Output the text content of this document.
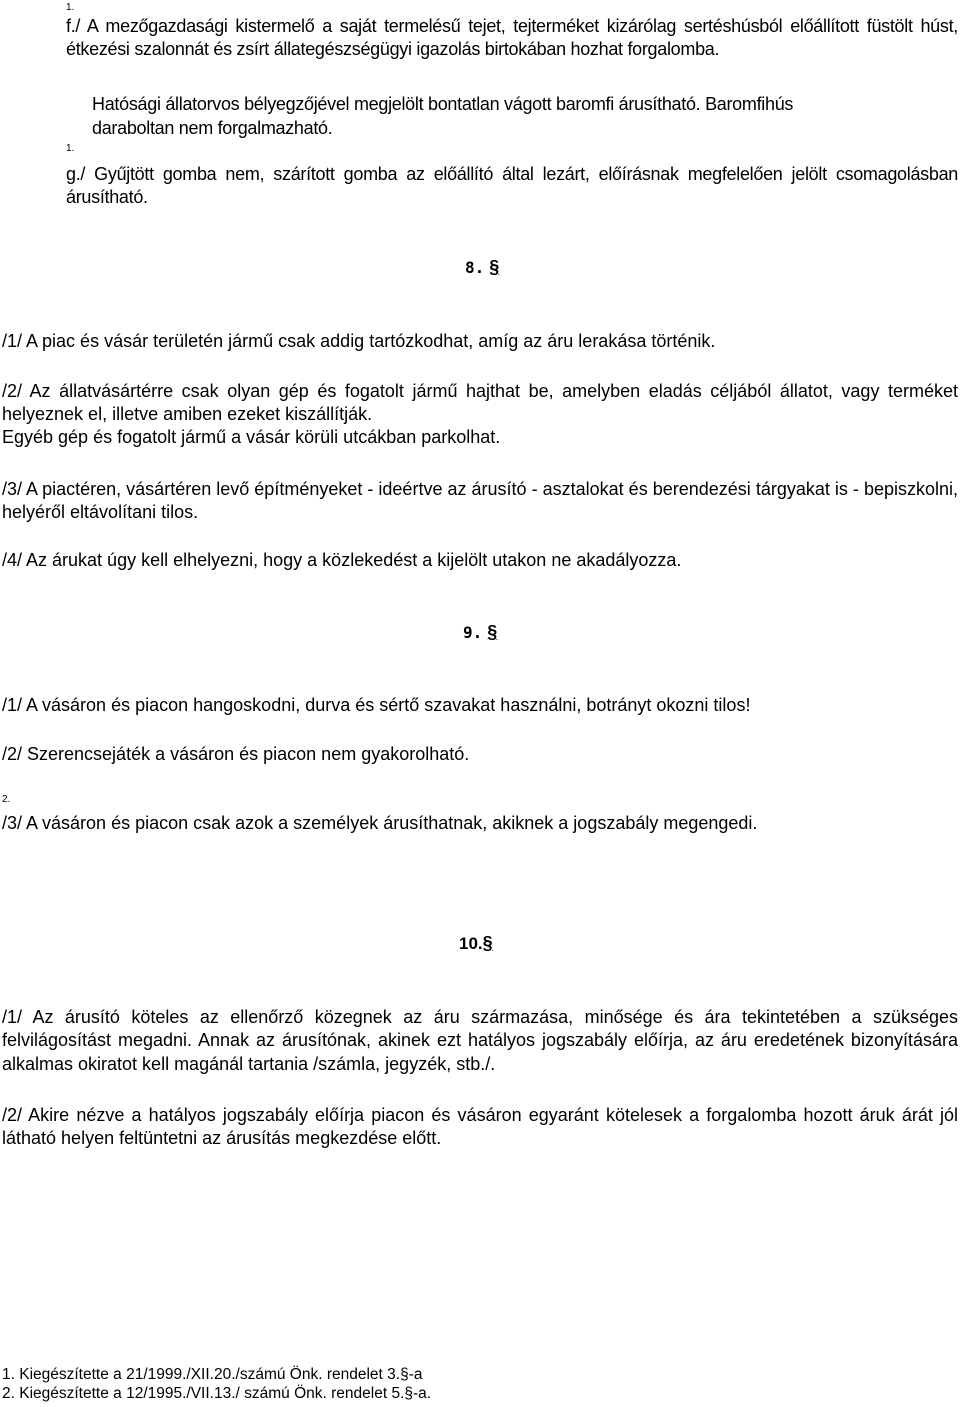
1.
f./ A mezőgazdasági kistermelő a saját termelésű tejet, tejterméket kizárólag sertéshúsból előállított füstölt húst, étkezési szalonnát és zsírt állategészségügyi igazolás birtokában hozhat forgalomba.
Hatósági állatorvos bélyegzőjével megjelölt bontatlan vágott baromfi árusítható. Baromfihús
daraboltan nem forgalmazható.
1.
g./ Gyűjtött gomba nem, szárított gomba az előállító által lezárt, előírásnak megfelelően jelölt csomagolásban árusítható.
8. §
/1/ A piac és vásár területén jármű csak addig tartózkodhat, amíg az áru lerakása történik.
/2/ Az állatvásártérre csak olyan gép és fogatolt jármű hajthat be, amelyben eladás céljából állatot, vagy terméket helyeznek el, illetve amiben ezeket kiszállítják.
Egyéb gép és fogatolt jármű a vásár körüli utcákban parkolhat.
/3/ A piactéren, vásártéren levő építményeket - ideértve az árusító - asztalokat és berendezési tárgyakat is - bepiszkolni, helyéről eltávolítani tilos.
/4/ Az árukat úgy kell elhelyezni, hogy a közlekedést a kijelölt utakon ne akadályozza.
9. §
/1/ A vásáron és piacon hangoskodni, durva és sértő szavakat használni, botrányt okozni tilos!
/2/ Szerencsejáték a vásáron és piacon nem gyakorolható.
2.
/3/ A vásáron és piacon csak azok a személyek árusíthatnak, akiknek a jogszabály megengedi.
10.§
/1/ Az árusító köteles az ellenőrző közegnek az áru származása, minősége és ára tekintetében a szükséges felvilágosítást megadni. Annak az árusítónak, akinek ezt hatályos jogszabály előírja, az áru eredetének bizonyítására alkalmas okiratot kell magánál tartania /számla, jegyzék, stb./.
/2/ Akire nézve a hatályos jogszabály előírja piacon és vásáron egyaránt kötelesek a forgalomba hozott áruk árát jól látható helyen feltüntetni az árusítás megkezdése előtt.
1. Kiegészítette a 21/1999./XII.20./számú Önk. rendelet 3.§-a
2. Kiegészítette a 12/1995./VII.13./ számú Önk. rendelet 5.§-a.
